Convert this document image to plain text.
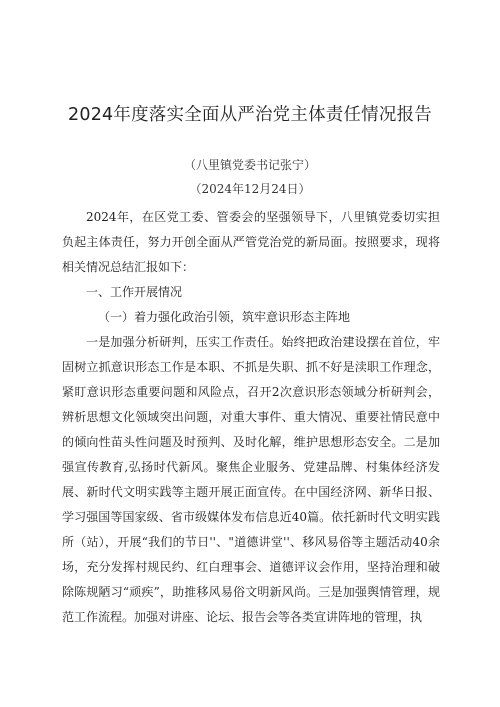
2024年度落实全面从严治党主体责任情况报告
（八里镇党委书记张宁）
（2024年12月24日）

2024年，在区党工委、管委会的坚强领导下，八里镇党委切实担负起主体责任，努力开创全面从严管党治党的新局面。按照要求，现将相关情况总结汇报如下：

一、工作开展情况
（一）着力强化政治引领，筑牢意识形态主阵地

一是加强分析研判，压实工作责任。始终把政治建设摆在首位，牢固树立抓意识形态工作是本职、不抓是失职、抓不好是渎职工作理念，紧盯意识形态重要问题和风险点，召开2次意识形态领域分析研判会，辨析思想文化领域突出问题，对重大事件、重大情况、重要社情民意中的倾向性苗头性问题及时预判、及时化解，维护思想形态安全。二是加强宣传教育,弘扬时代新风。聚焦企业服务、党建品牌、村集体经济发展、新时代文明实践等主题开展正面宣传。在中国经济网、新华日报、学习强国等国家级、省市级媒体发布信息近40篇。依托新时代文明实践所（站），开展“我们的节日''、"道德讲堂''、移风易俗等主题活动40余场，充分发挥村规民约、红白理事会、道德评议会作用，坚持治理和破除陈规陋习“顽疾”，助推移风易俗文明新风尚。三是加强舆情管理，规范工作流程。加强对讲座、论坛、报告会等各类宣讲阵地的管理，执
